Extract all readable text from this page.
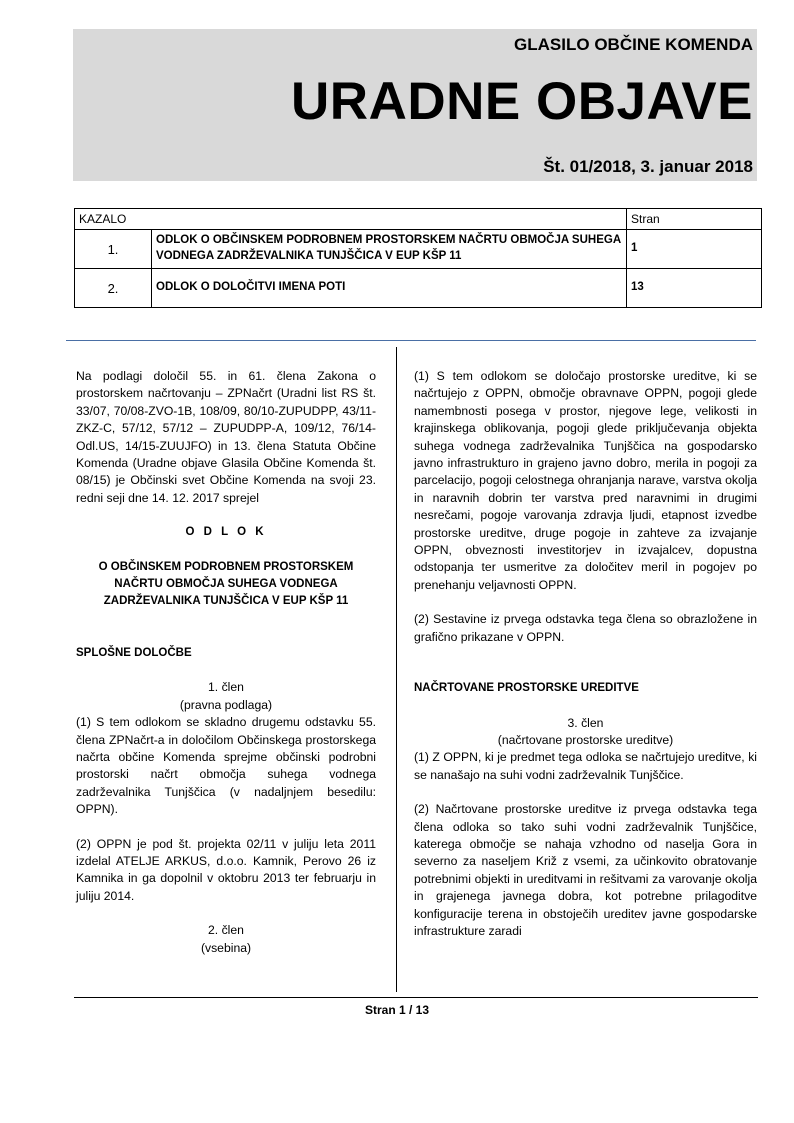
GLASILO OBČINE KOMENDA
URADNE OBJAVE
Št. 01/2018, 3. januar 2018
KAZALO		Stran
1.	ODLOK O OBČINSKEM PODROBNEM PROSTORSKEM NAČRTU OBMOČJA SUHEGA VODNEGA ZADRŽEVALNIKA TUNJŠČICA V EUP KŠP 11	1
2.	ODLOK O DOLOČITVI IMENA POTI	13

Na podlagi določil 55. in 61. člena Zakona o prostorskem načrtovanju – ZPNačrt (Uradni list RS št. 33/07, 70/08-ZVO-1B, 108/09, 80/10-ZUPUDPP, 43/11-ZKZ-C, 57/12, 57/12 – ZUPUDPP-A, 109/12, 76/14-Odl.US, 14/15-ZUUJFO) in 13. člena Statuta Občine Komenda (Uradne objave Glasila Občine Komenda št. 08/15) je Občinski svet Občine Komenda na svoji 23. redni seji dne 14. 12. 2017 sprejel

O D L O K

O OBČINSKEM PODROBNEM PROSTORSKEM NAČRTU OBMOČJA SUHEGA VODNEGA ZADRŽEVALNIKA TUNJŠČICA V EUP KŠP 11

SPLOŠNE DOLOČBE

1. člen

(pravna podlaga)

(1) S tem odlokom se skladno drugemu odstavku 55. člena ZPNačrt-a in določilom Občinskega prostorskega načrta občine Komenda sprejme občinski podrobni prostorski načrt območja suhega vodnega zadrževalnika Tunjščica (v nadaljnjem besedilu: OPPN).

(2) OPPN je pod št. projekta 02/11 v juliju leta 2011 izdelal ATELJE ARKUS, d.o.o. Kamnik, Perovo 26 iz Kamnika in ga dopolnil v oktobru 2013 ter februarju in juliju 2014.

2. člen

(vsebina)

(1) S tem odlokom se določajo prostorske ureditve, ki se načrtujejo z OPPN, območje obravnave OPPN, pogoji glede namembnosti posega v prostor, njegove lege, velikosti in krajinskega oblikovanja, pogoji glede priključevanja objekta suhega vodnega zadrževalnika Tunjščica na gospodarsko javno infrastrukturo in grajeno javno dobro, merila in pogoji za parcelacijo, pogoji celostnega ohranjanja narave, varstva okolja in naravnih dobrin ter varstva pred naravnimi in drugimi nesrečami, pogoje varovanja zdravja ljudi, etapnost izvedbe prostorske ureditve, druge pogoje in zahteve za izvajanje OPPN, obveznosti investitorjev in izvajalcev, dopustna odstopanja ter usmeritve za določitev meril in pogojev po prenehanju veljavnosti OPPN.

(2) Sestavine iz prvega odstavka tega člena so obrazložene in grafično prikazane v OPPN.

NAČRTOVANE PROSTORSKE UREDITVE

3. člen

(načrtovane prostorske ureditve)

(1) Z OPPN, ki je predmet tega odloka se načrtujejo ureditve, ki se nanašajo na suhi vodni zadrževalnik Tunjščice.

(2) Načrtovane prostorske ureditve iz prvega odstavka tega člena odloka so tako suhi vodni zadrževalnik Tunjščice, katerega območje se nahaja vzhodno od naselja Gora in severno za naseljem Križ z vsemi, za učinkovito obratovanje potrebnimi objekti in ureditvami in rešitvami za varovanje okolja in grajenega javnega dobra, kot potrebne prilagoditve konfiguracije terena in obstoječih ureditev javne gospodarske infrastrukture zaradi

Stran 1 / 13
